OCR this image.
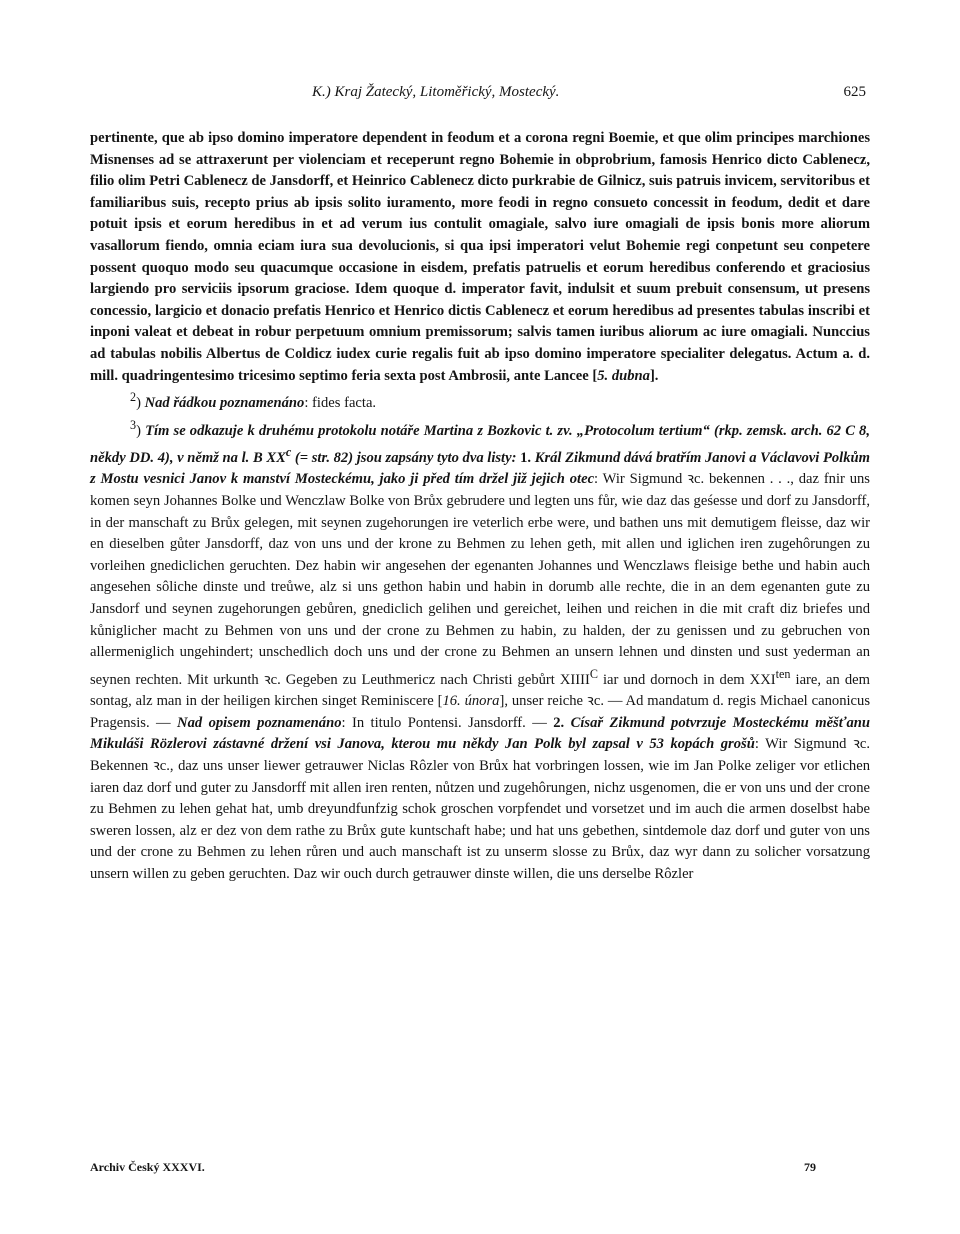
K.) Kraj Žatecký, Litoměřický, Mostecký.	625

pertinente, que ab ipso domino imperatore dependent in feodum et a corona regni Boemie, et que olim principes marchiones Misnenses ad se attraxerunt per violenciam et receperunt regno Bohemie in obprobrium, famosis Henrico dicto Cablenecz, filio olim Petri Cablenecz de Jansdorff, et Heinrico Cablenecz dicto purkrabie de Gilnicz, suis patruis invicem, servitoribus et familiaribus suis, recepto prius ab ipsis solito iuramento, more feodi in regno consueto concessit in feodum, dedit et dare potuit ipsis et eorum heredibus in et ad verum ius contulit omagiale, salvo iure omagiali de ipsis bonis more aliorum vasallorum fiendo, omnia eciam iura sua devolucionis, si qua ipsi imperatori velut Bohemie regi conpetunt seu conpetere possent quoquo modo seu quacumque occasione in eisdem, prefatis patruelis et eorum heredibus conferendo et graciosius largiendo pro serviciis ipsorum graciose. Idem quoque d. imperator favit, indulsit et suum prebuit consensum, ut presens concessio, largicio et donacio prefatis Henrico et Henrico dictis Cablenecz et eorum heredibus ad presentes tabulas inscribi et inponi valeat et debeat in robur perpetuum omnium premissorum; salvis tamen iuribus aliorum ac iure omagiali. Nunccius ad tabulas nobilis Albertus de Coldicz iudex curie regalis fuit ab ipso domino imperatore specialiter delegatus. Actum a. d. mill. quadringentesimo tricesimo septimo feria sexta post Ambrosii, ante Lancee [5. dubna].

$^2$) Nad řádkou poznamenáno: fides facta.

$^3$) Tím se odkazuje k druhému protokolu notáře Martina z Bozkovic t. zv. „Protocolum tertium“ (rkp. zemsk. arch. 62 C 8, někdy DD. 4), v němž na l. B $XX^c$ (= str. 82) jsou zapsány tyto dva listy: 1. Král Zikmund dává bratřím Janovi a Václavovi Polkům z Mostu vesnici Janov k manství Mosteckému, jako ji před tím držel již jejich otec: Wir Sigmund ꝛc. bekennen . . ., daz fnir uns komen seyn Johannes Bolke und Wenczlaw Bolke von Brůx gebrudere und legten uns fůr, wie daz das geśesse und dorf zu Jansdorff, in der manschaft zu Brůx gelegen, mit seynen zugehorungen ire veterlich erbe were, und bathen uns mit demutigem fleisse, daz wir en dieselben gůter Jansdorff, daz von uns und der krone zu Behmen zu lehen geth, mit allen und iglichen iren zugehôrungen zu vorleihen gnediclichen geruchten. Dez habin wir angesehen der egenanten Johannes und Wenczlaws fleisige bethe und habin auch angesehen sôliche dinste und treůwe, alz si uns gethon habin und habin in dorumb alle rechte, die in an dem egenanten gute zu Jansdorf und seynen zugehorungen gebůren, gnediclich gelihen und gereichet, leihen und reichen in die mit craft diz briefes und kůniglicher macht zu Behmen von uns und der crone zu Behmen zu habin, zu halden, der zu genissen und zu gebruchen von allermeniglich ungehindert; unschedlich doch uns und der crone zu Behmen an unsern lehnen und dinsten und sust yederman an seynen rechten. Mit urkunth ꝛc. Gegeben zu Leuthmericz nach Christi gebůrt $XIIII^C$ iar und dornoch in dem $XXI^{ten}$ iare, an dem sontag, alz man in der heiligen kirchen singet Reminiscere [16. února], unser reiche ꝛc. — Ad mandatum d. regis Michael canonicus Pragensis. — Nad opisem poznamenáno: In titulo Pontensi. Jansdorff. — 2. Císař Zikmund potvrzuje Mosteckému měšťanu Mikuláši Rözlerovi zástavné držení vsi Janova, kterou mu někdy Jan Polk byl zapsal v 53 kopách grošů: Wir Sigmund ꝛc. Bekennen ꝛc., daz uns unser liewer getrauwer Niclas Rôzler von Brůx hat vorbringen lossen, wie im Jan Polke zeliger vor etlichen iaren daz dorf und guter zu Jansdorff mit allen iren renten, nůtzen und zugehôrungen, nichz usgenomen, die er von uns und der crone zu Behmen zu lehen gehat hat, umb dreyundfunfzig schok groschen vorpfendet und vorsetzet und im auch die armen doselbst habe sweren lossen, alz er dez von dem rathe zu Brůx gute kuntschaft habe; und hat uns gebethen, sintdemole daz dorf und guter von uns und der crone zu Behmen zu lehen růren und auch manschaft ist zu unserm slosse zu Brůx, daz wyr dann zu solicher vorsatzung unsern willen zu geben geruchten. Daz wir ouch durch getrauwer dinste willen, die uns derselbe Rôzler

Archiv Český XXXVI.	79
